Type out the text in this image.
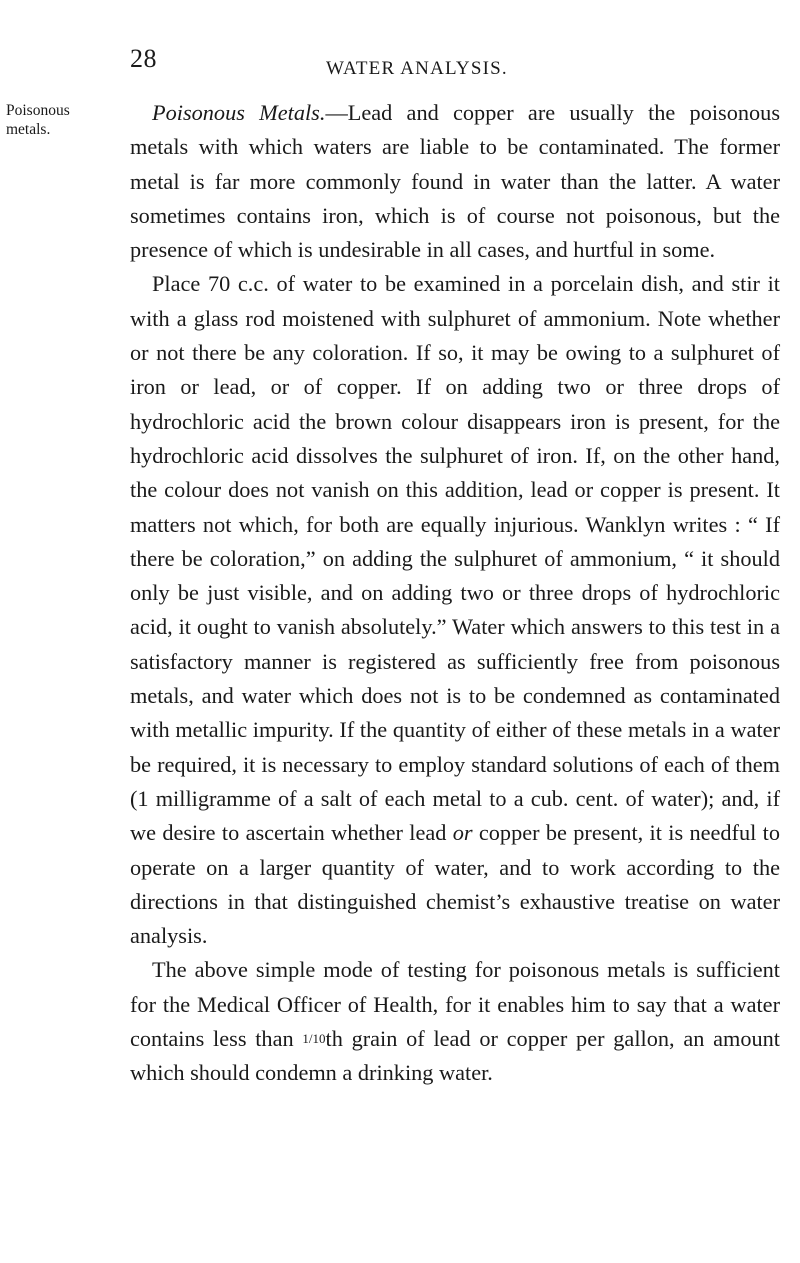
28	WATER ANALYSIS.
Poisonous metals.

Poisonous Metals.—Lead and copper are usually the poisonous metals with which waters are liable to be contaminated. The former metal is far more commonly found in water than the latter. A water sometimes contains iron, which is of course not poisonous, but the presence of which is undesirable in all cases, and hurtful in some.

Place 70 c.c. of water to be examined in a porcelain dish, and stir it with a glass rod moistened with sulphuret of ammonium. Note whether or not there be any coloration. If so, it may be owing to a sulphuret of iron or lead, or of copper. If on adding two or three drops of hydrochloric acid the brown colour disappears iron is present, for the hydrochloric acid dissolves the sulphuret of iron. If, on the other hand, the colour does not vanish on this addition, lead or copper is present. It matters not which, for both are equally injurious. Wanklyn writes : “ If there be coloration,” on adding the sulphuret of ammonium, “ it should only be just visible, and on adding two or three drops of hydrochloric acid, it ought to vanish absolutely.” Water which answers to this test in a satisfactory manner is registered as sufficiently free from poisonous metals, and water which does not is to be condemned as contaminated with metallic impurity. If the quantity of either of these metals in a water be required, it is necessary to employ standard solutions of each of them (1 milligramme of a salt of each metal to a cub. cent. of water); and, if we desire to ascertain whether lead or copper be present, it is needful to operate on a larger quantity of water, and to work according to the directions in that distinguished chemist’s exhaustive treatise on water analysis.

The above simple mode of testing for poisonous metals is sufficient for the Medical Officer of Health, for it enables him to say that a water contains less than 1/10th grain of lead or copper per gallon, an amount which should condemn a drinking water.
